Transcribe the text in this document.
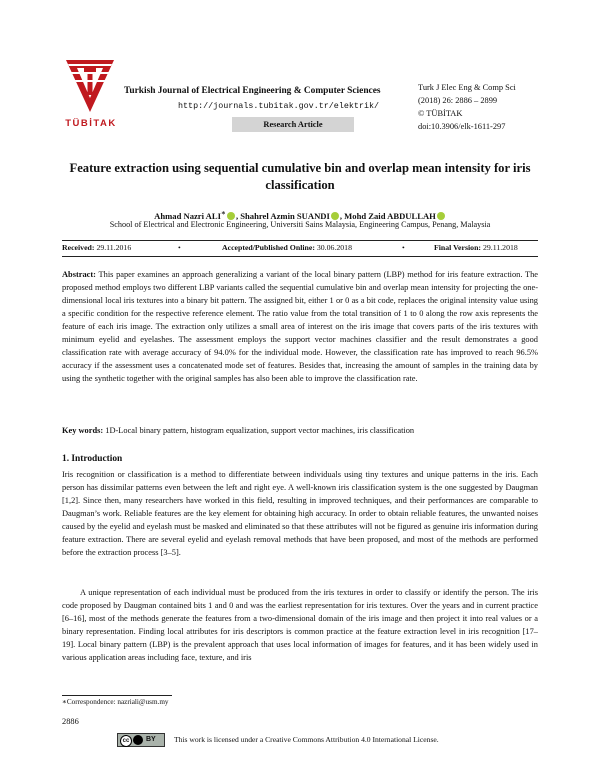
TÜBİTAK
Turkish Journal of Electrical Engineering & Computer Sciences
http://journals.tubitak.gov.tr/elektrik/
Research Article
Turk J Elec Eng & Comp Sci
(2018) 26: 2886 – 2899
© TÜBİTAK
doi:10.3906/elk-1611-297
Feature extraction using sequential cumulative bin and overlap mean intensity for iris classification
Ahmad Nazri ALI∗ , Shahrel Azmin SUANDI , Mohd Zaid ABDULLAH
School of Electrical and Electronic Engineering, Universiti Sains Malaysia, Engineering Campus, Penang, Malaysia
Received: 29.11.2016	•	Accepted/Published Online: 30.06.2018	•	Final Version: 29.11.2018
Abstract: This paper examines an approach generalizing a variant of the local binary pattern (LBP) method for iris feature extraction. The proposed method employs two different LBP variants called the sequential cumulative bin and overlap mean intensity for projecting the one-dimensional local iris textures into a binary bit pattern. The assigned bit, either 1 or 0 as a bit code, replaces the original intensity value using a specific condition for the respective reference element. The ratio value from the total transition of 1 to 0 along the row axis represents the feature of each iris image. The extraction only utilizes a small area of interest on the iris image that covers parts of the iris textures with minimum eyelid and eyelashes. The assessment employs the support vector machines classifier and the result demonstrates a good classification rate with average accuracy of 94.0% for the individual mode. However, the classification rate has improved to reach 96.5% accuracy if the assessment uses a concatenated mode set of features. Besides that, increasing the amount of samples in the training data by using the synthetic together with the original samples has also been able to improve the classification rate.
Key words: 1D-Local binary pattern, histogram equalization, support vector machines, iris classification
1. Introduction
Iris recognition or classification is a method to differentiate between individuals using tiny textures and unique patterns in the iris. Each person has dissimilar patterns even between the left and right eye. A well-known iris classification system is the one suggested by Daugman [1,2]. Since then, many researchers have worked in this field, resulting in improved techniques, and their performances are comparable to Daugman’s work. Reliable features are the key element for obtaining high accuracy. In order to obtain reliable features, the unwanted noises caused by the eyelid and eyelash must be masked and eliminated so that these attributes will not be figured as genuine iris information during feature extraction. There are several eyelid and eyelash removal methods that have been proposed, and most of the methods are performed before the extraction process [3–5].
A unique representation of each individual must be produced from the iris textures in order to classify or identify the person. The iris code proposed by Daugman contained bits 1 and 0 and was the earliest representation for iris textures. Over the years and in current practice [6–16], most of the methods generate the features from a two-dimensional domain of the iris image and then project it into real values or a binary representation. Finding local attributes for iris descriptors is common practice at the feature extraction level in iris recognition [17–19]. Local binary pattern (LBP) is the prevalent approach that uses local information of images for features, and it has been widely used in various application areas including face, texture, and iris
∗Correspondence: nazriali@usm.my
2886
cc	BY This work is licensed under a Creative Commons Attribution 4.0 International License.
